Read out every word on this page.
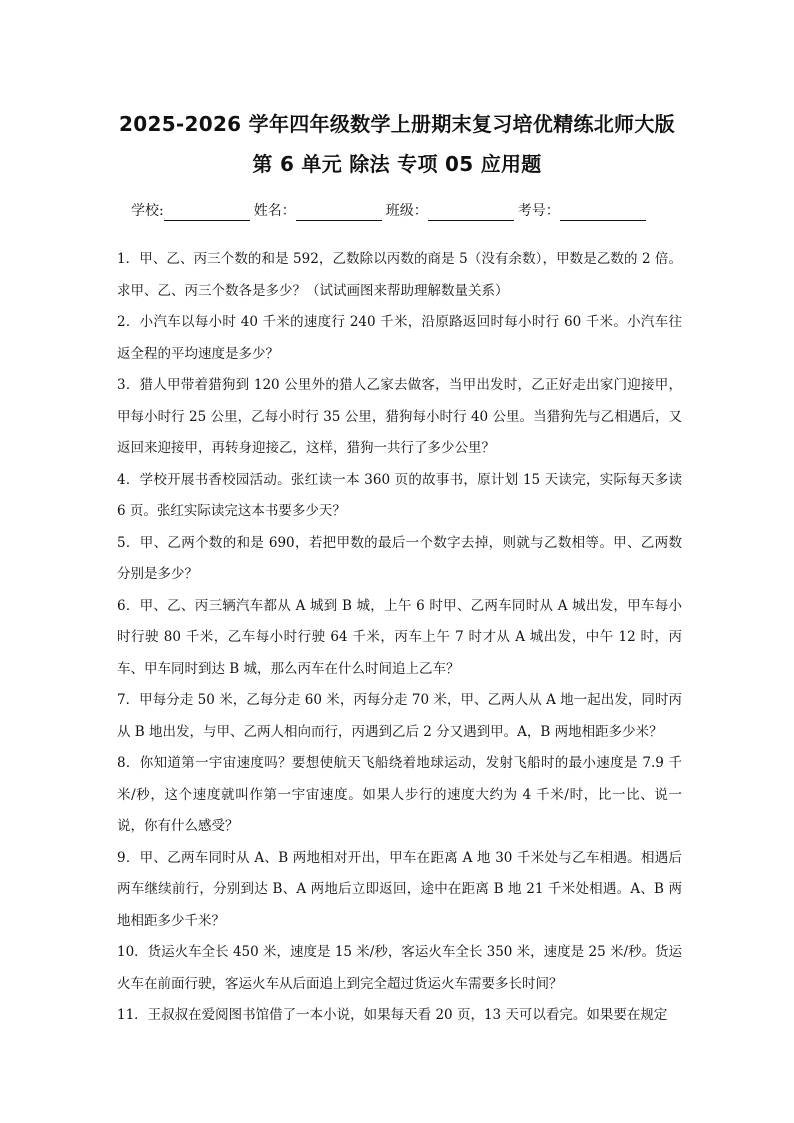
2025-2026 学年四年级数学上册期末复习培优精练北师大版
第 6 单元 除法 专项 05 应用题
学校:	姓名：	班级：	考号：

1．甲、乙、丙三个数的和是 592，乙数除以丙数的商是 5（没有余数），甲数是乙数的 2 倍。求甲、乙、丙三个数各是多少？（试试画图来帮助理解数量关系）

2．小汽车以每小时 40 千米的速度行 240 千米，沿原路返回时每小时行 60 千米。小汽车往返全程的平均速度是多少？

3．猎人甲带着猎狗到 120 公里外的猎人乙家去做客，当甲出发时，乙正好走出家门迎接甲，甲每小时行 25 公里，乙每小时行 35 公里，猎狗每小时行 40 公里。当猎狗先与乙相遇后，又返回来迎接甲，再转身迎接乙，这样，猎狗一共行了多少公里？

4．学校开展书香校园活动。张红读一本 360 页的故事书，原计划 15 天读完，实际每天多读 6 页。张红实际读完这本书要多少天？

5．甲、乙两个数的和是 690，若把甲数的最后一个数字去掉，则就与乙数相等。甲、乙两数分别是多少？

6．甲、乙、丙三辆汽车都从 A 城到 B 城，上午 6 时甲、乙两车同时从 A 城出发，甲车每小时行驶 80 千米，乙车每小时行驶 64 千米，丙车上午 7 时才从 A 城出发，中午 12 时，丙车、甲车同时到达 B 城，那么丙车在什么时间追上乙车？

7．甲每分走 50 米，乙每分走 60 米，丙每分走 70 米，甲、乙两人从 A 地一起出发，同时丙从 B 地出发，与甲、乙两人相向而行，丙遇到乙后 2 分又遇到甲。A，B 两地相距多少米？

8．你知道第一宇宙速度吗？要想使航天飞船绕着地球运动，发射飞船时的最小速度是 7.9 千米/秒，这个速度就叫作第一宇宙速度。如果人步行的速度大约为 4 千米/时，比一比、说一说，你有什么感受？

9．甲、乙两车同时从 A、B 两地相对开出，甲车在距离 A 地 30 千米处与乙车相遇。相遇后两车继续前行，分别到达 B、A 两地后立即返回，途中在距离 B 地 21 千米处相遇。A、B 两地相距多少千米？

10．货运火车全长 450 米，速度是 15 米/秒，客运火车全长 350 米，速度是 25 米/秒。货运火车在前面行驶，客运火车从后面追上到完全超过货运火车需要多长时间？

11．王叔叔在爱阅图书馆借了一本小说，如果每天看 20 页，13 天可以看完。如果要在规定
